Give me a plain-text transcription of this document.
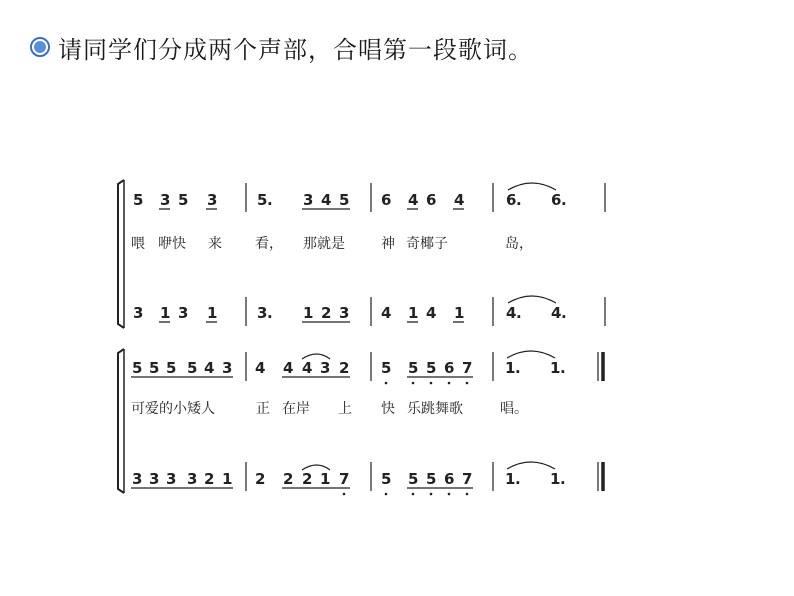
请同学们分成两个声部，合唱第一段歌词。
5 3 5 3	5 . 3 4 5 6 4 6 4	6 . 6 .
喂 咿快 来 看， 那就是	神 奇椰子	岛，
3 1 3 1	3 . 1 2 3 4 1 4 1	4 . 4 .
5 5 5 5 4 3 4 4 4 3 2 5 5 5 6 7 1 . 1 .
可爱的小矮人	正 在岸 上 快 乐跳舞歌	唱。
3 3 3 3 2 1 2 2 2 1 7 5 5 5 6 7 1 . 1 .
